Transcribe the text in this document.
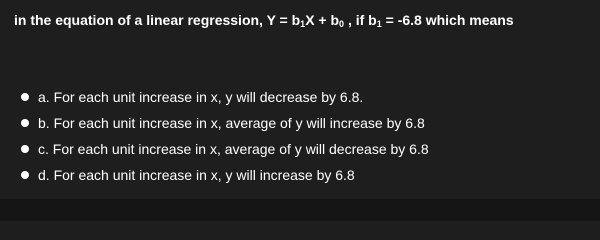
in the equation of a linear regression, $Y = b_1X + b_0$ , if $b_1 = -6.8$ which means
a. For each unit increase in x, y will decrease by 6.8.
b. For each unit increase in x, average of y will increase by 6.8
c. For each unit increase in x, average of y will decrease by 6.8
d. For each unit increase in x, y will increase by 6.8
